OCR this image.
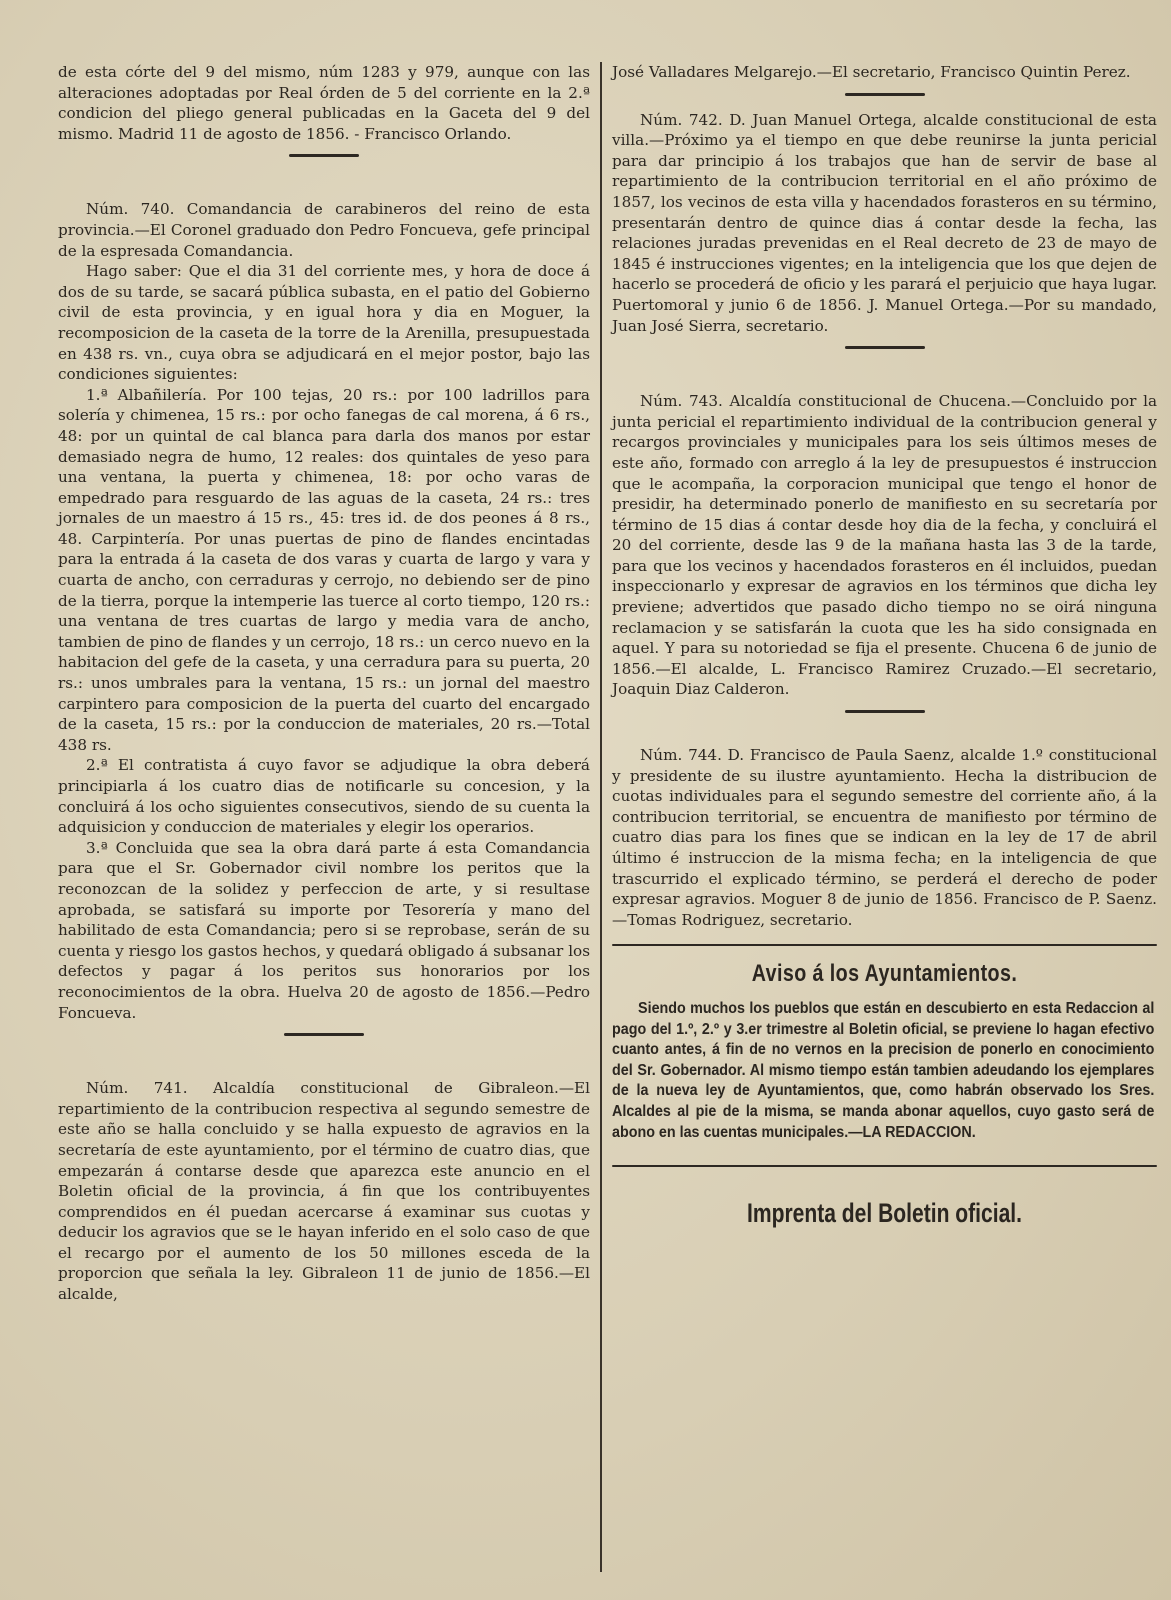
de esta córte del 9 del mismo, núm 1283 y 979, aunque con las alteraciones adoptadas por Real órden de 5 del corriente en la 2.ª condicion del pliego general publicadas en la Gaceta del 9 del mismo. Madrid 11 de agosto de 1856. - Francisco Orlando.

Núm. 740. Comandancia de carabineros del reino de esta provincia.—El Coronel graduado don Pedro Foncueva, gefe principal de la espresada Comandancia.

Hago saber: Que el dia 31 del corriente mes, y hora de doce á dos de su tarde, se sacará pública subasta, en el patio del Gobierno civil de esta provincia, y en igual hora y dia en Moguer, la recomposicion de la caseta de la torre de la Arenilla, presupuestada en 438 rs. vn., cuya obra se adjudicará en el mejor postor, bajo las condiciones siguientes:

1.ª Albañilería. Por 100 tejas, 20 rs.: por 100 ladrillos para solería y chimenea, 15 rs.: por ocho fanegas de cal morena, á 6 rs., 48: por un quintal de cal blanca para darla dos manos por estar demasiado negra de humo, 12 reales: dos quintales de yeso para una ventana, la puerta y chimenea, 18: por ocho varas de empedrado para resguardo de las aguas de la caseta, 24 rs.: tres jornales de un maestro á 15 rs., 45: tres id. de dos peones á 8 rs., 48. Carpintería. Por unas puertas de pino de flandes encintadas para la entrada á la caseta de dos varas y cuarta de largo y vara y cuarta de ancho, con cerraduras y cerrojo, no debiendo ser de pino de la tierra, porque la intemperie las tuerce al corto tiempo, 120 rs.: una ventana de tres cuartas de largo y media vara de ancho, tambien de pino de flandes y un cerrojo, 18 rs.: un cerco nuevo en la habitacion del gefe de la caseta, y una cerradura para su puerta, 20 rs.: unos umbrales para la ventana, 15 rs.: un jornal del maestro carpintero para composicion de la puerta del cuarto del encargado de la caseta, 15 rs.: por la conduccion de materiales, 20 rs.—Total 438 rs.

2.ª El contratista á cuyo favor se adjudique la obra deberá principiarla á los cuatro dias de notificarle su concesion, y la concluirá á los ocho siguientes consecutivos, siendo de su cuenta la adquisicion y conduccion de materiales y elegir los operarios.

3.ª Concluida que sea la obra dará parte á esta Comandancia para que el Sr. Gobernador civil nombre los peritos que la reconozcan de la solidez y perfeccion de arte, y si resultase aprobada, se satisfará su importe por Tesorería y mano del habilitado de esta Comandancia; pero si se reprobase, serán de su cuenta y riesgo los gastos hechos, y quedará obligado á subsanar los defectos y pagar á los peritos sus honorarios por los reconocimientos de la obra. Huelva 20 de agosto de 1856.—Pedro Foncueva.

Núm. 741. Alcaldía constitucional de Gibraleon.—El repartimiento de la contribucion respectiva al segundo semestre de este año se halla concluido y se halla expuesto de agravios en la secretaría de este ayuntamiento, por el término de cuatro dias, que empezarán á contarse desde que aparezca este anuncio en el Boletin oficial de la provincia, á fin que los contribuyentes comprendidos en él puedan acercarse á examinar sus cuotas y deducir los agravios que se le hayan inferido en el solo caso de que el recargo por el aumento de los 50 millones esceda de la proporcion que señala la ley. Gibraleon 11 de junio de 1856.—El alcalde,

José Valladares Melgarejo.—El secretario, Francisco Quintin Perez.

Núm. 742. D. Juan Manuel Ortega, alcalde constitucional de esta villa.—Próximo ya el tiempo en que debe reunirse la junta pericial para dar principio á los trabajos que han de servir de base al repartimiento de la contribucion territorial en el año próximo de 1857, los vecinos de esta villa y hacendados forasteros en su término, presentarán dentro de quince dias á contar desde la fecha, las relaciones juradas prevenidas en el Real decreto de 23 de mayo de 1845 é instrucciones vigentes; en la inteligencia que los que dejen de hacerlo se procederá de oficio y les parará el perjuicio que haya lugar. Puertomoral y junio 6 de 1856. J. Manuel Ortega.—Por su mandado, Juan José Sierra, secretario.

Núm. 743. Alcaldía constitucional de Chucena.—Concluido por la junta pericial el repartimiento individual de la contribucion general y recargos provinciales y municipales para los seis últimos meses de este año, formado con arreglo á la ley de presupuestos é instruccion que le acompaña, la corporacion municipal que tengo el honor de presidir, ha determinado ponerlo de manifiesto en su secretaría por término de 15 dias á contar desde hoy dia de la fecha, y concluirá el 20 del corriente, desde las 9 de la mañana hasta las 3 de la tarde, para que los vecinos y hacendados forasteros en él incluidos, puedan inspeccionarlo y expresar de agravios en los términos que dicha ley previene; advertidos que pasado dicho tiempo no se oirá ninguna reclamacion y se satisfarán la cuota que les ha sido consignada en aquel. Y para su notoriedad se fija el presente. Chucena 6 de junio de 1856.—El alcalde, L. Francisco Ramirez Cruzado.—El secretario, Joaquin Diaz Calderon.

Núm. 744. D. Francisco de Paula Saenz, alcalde 1.º constitucional y presidente de su ilustre ayuntamiento. Hecha la distribucion de cuotas individuales para el segundo semestre del corriente año, á la contribucion territorial, se encuentra de manifiesto por término de cuatro dias para los fines que se indican en la ley de 17 de abril último é instruccion de la misma fecha; en la inteligencia de que trascurrido el explicado término, se perderá el derecho de poder expresar agravios. Moguer 8 de junio de 1856. Francisco de P. Saenz.—Tomas Rodriguez, secretario.

Aviso á los Ayuntamientos.

Siendo muchos los pueblos que están en descubierto en esta Redaccion al pago del 1.º, 2.º y 3.er trimestre al Boletin oficial, se previene lo hagan efectivo cuanto antes, á fin de no vernos en la precision de ponerlo en conocimiento del Sr. Gobernador. Al mismo tiempo están tambien adeudando los ejemplares de la nueva ley de Ayuntamientos, que, como habrán observado los Sres. Alcaldes al pie de la misma, se manda abonar aquellos, cuyo gasto será de abono en las cuentas municipales.—LA REDACCION.

Imprenta del Boletin oficial.
